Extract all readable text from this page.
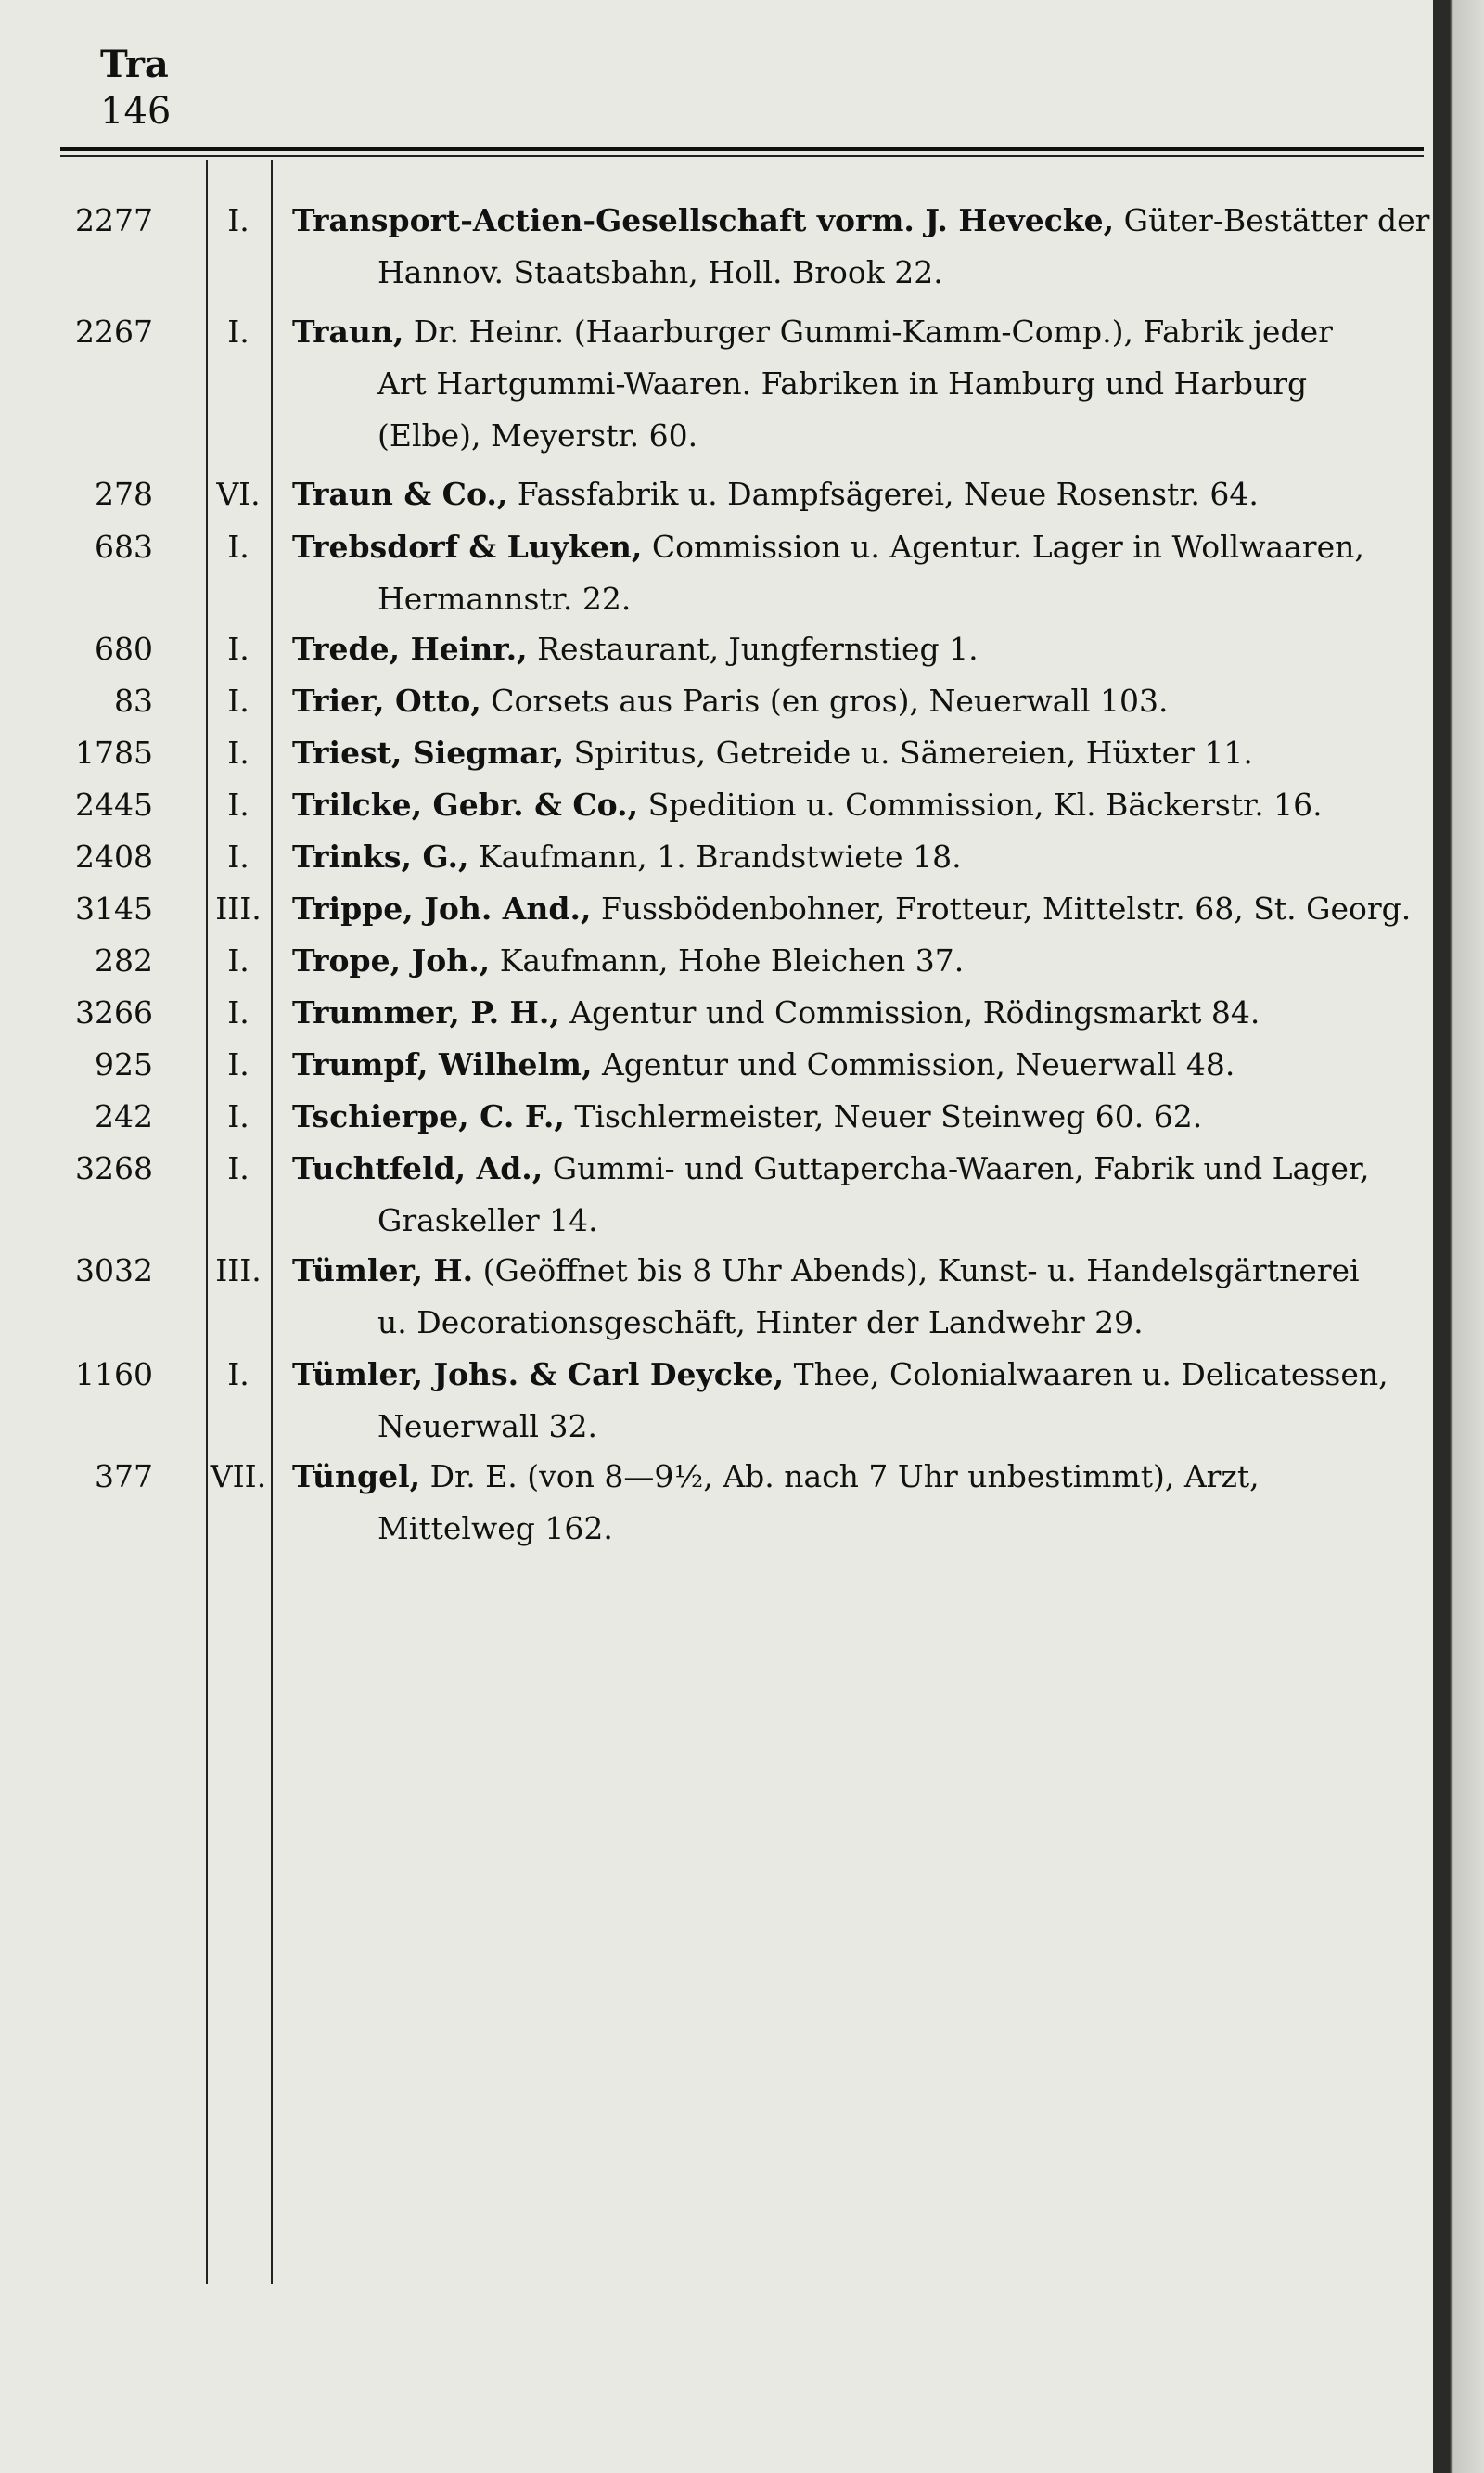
Tra
146
2277	I.	Transport-Actien-Gesellschaft vorm. J. Hevecke, Güter-Bestätter der
Hannov. Staatsbahn, Holl. Brook 22.
2267	I.	Traun, Dr. Heinr. (Haarburger Gummi-Kamm-Comp.), Fabrik jeder
Art Hartgummi-Waaren. Fabriken in Hamburg und Harburg
(Elbe), Meyerstr. 60.
278	VI.	Traun & Co., Fassfabrik u. Dampfsägerei, Neue Rosenstr. 64.
683	I.	Trebsdorf & Luyken, Commission u. Agentur. Lager in Wollwaaren,
Hermannstr. 22.
680	I.	Trede, Heinr., Restaurant, Jungfernstieg 1.
83	I.	Trier, Otto, Corsets aus Paris (en gros), Neuerwall 103.
1785	I.	Triest, Siegmar, Spiritus, Getreide u. Sämereien, Hüxter 11.
2445	I.	Trilcke, Gebr. & Co., Spedition u. Commission, Kl. Bäckerstr. 16.
2408	I.	Trinks, G., Kaufmann, 1. Brandstwiete 18.
3145	III.	Trippe, Joh. And., Fussbödenbohner, Frotteur, Mittelstr. 68, St. Georg.
282	I.	Trope, Joh., Kaufmann, Hohe Bleichen 37.
3266	I.	Trummer, P. H., Agentur und Commission, Rödingsmarkt 84.
925	I.	Trumpf, Wilhelm, Agentur und Commission, Neuerwall 48.
242	I.	Tschierpe, C. F., Tischlermeister, Neuer Steinweg 60. 62.
3268	I.	Tuchtfeld, Ad., Gummi- und Guttapercha-Waaren, Fabrik und Lager,
Graskeller 14.
3032	III.	Tümler, H. (Geöffnet bis 8 Uhr Abends), Kunst- u. Handelsgärtnerei
u. Decorationsgeschäft, Hinter der Landwehr 29.
1160	I.	Tümler, Johs. & Carl Deycke, Thee, Colonialwaaren u. Delicatessen,
Neuerwall 32.
377 VII. Tüngel, Dr. E. (von 8—9½, Ab. nach 7 Uhr unbestimmt), Arzt,
Mittelweg 162.
